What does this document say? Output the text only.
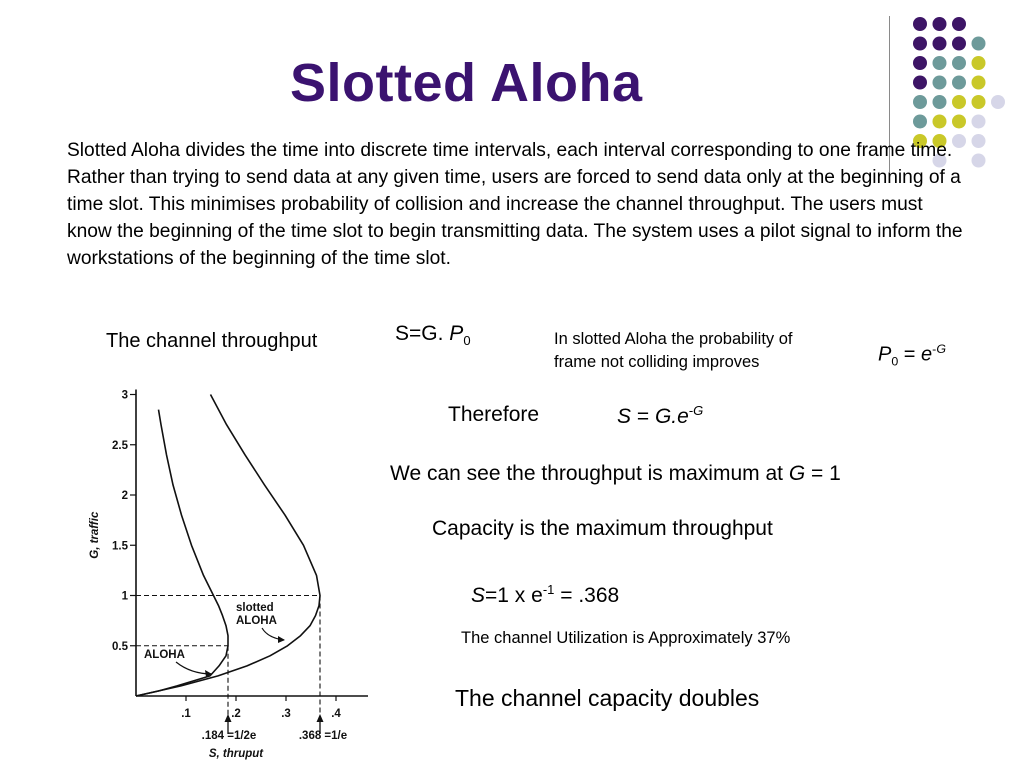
Slotted Aloha

Slotted Aloha divides the time into discrete time intervals, each interval corresponding to one frame time. Rather than trying to send data at any given time, users are forced to send data only at the beginning of a time slot. This minimises probability of collision and increase the channel throughput. The users must know the beginning of the time slot to begin transmitting data. The system uses a pilot signal to inform the workstations of the beginning of the time slot.

The channel throughput	S=G. $P_0$	In slotted Aloha the probability of
frame not colliding improves	$P_0 = e^{-G}$
Therefore	$S = G.e^{-G}$
We can see the throughput is maximum at G = 1
Capacity is the maximum throughput
S=1 x $e^{-1} = .368$
The channel Utilization is Approximately 37%
The channel capacity doubles
0.5
1
1.5
2
2.5
3
.1	.2	.3	.4
S, thruput
G, traffic
.184 =1/2e	.368 =1/e
ALOHA
slotted ALOHA
